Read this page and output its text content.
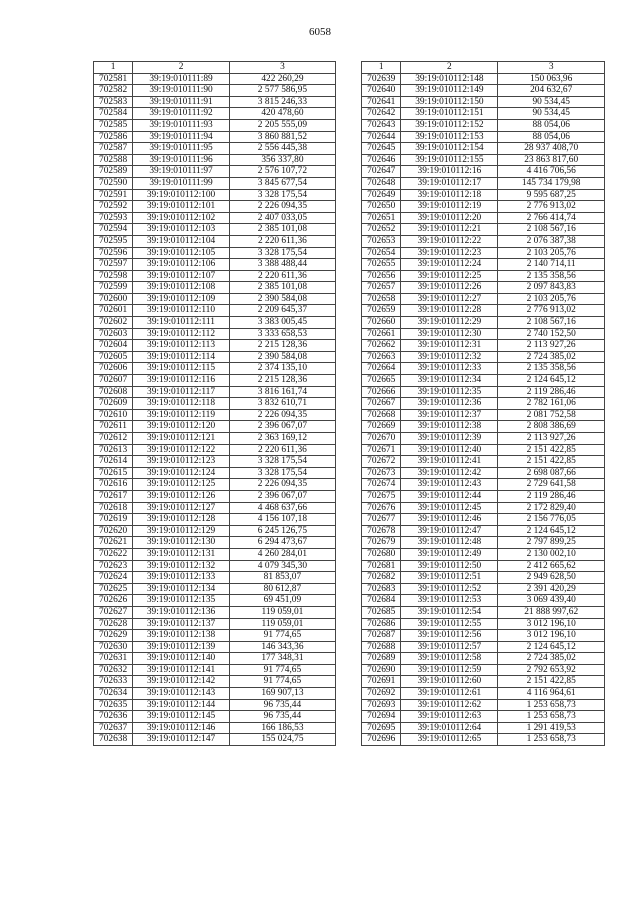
6058
1	2	3
702581	39:19:010111:89	422 260,29
702582	39:19:010111:90	2 577 586,95
702583	39:19:010111:91	3 815 246,33
702584	39:19:010111:92	420 478,60
702585	39:19:010111:93	2 205 555,09
702586	39:19:010111:94	3 860 881,52
702587	39:19:010111:95	2 556 445,38
702588	39:19:010111:96	356 337,80
702589	39:19:010111:97	2 576 107,72
702590	39:19:010111:99	3 845 677,54
702591	39:19:010112:100	3 328 175,54
702592	39:19:010112:101	2 226 094,35
702593	39:19:010112:102	2 407 033,05
702594	39:19:010112:103	2 385 101,08
702595	39:19:010112:104	2 220 611,36
702596	39:19:010112:105	3 328 175,54
702597	39:19:010112:106	3 388 488,44
702598	39:19:010112:107	2 220 611,36
702599	39:19:010112:108	2 385 101,08
702600	39:19:010112:109	2 390 584,08
702601	39:19:010112:110	2 209 645,37
702602	39:19:010112:111	3 383 005,45
702603	39:19:010112:112	3 333 658,53
702604	39:19:010112:113	2 215 128,36
702605	39:19:010112:114	2 390 584,08
702606	39:19:010112:115	2 374 135,10
702607	39:19:010112:116	2 215 128,36
702608	39:19:010112:117	3 816 161,74
702609	39:19:010112:118	3 832 610,71
702610	39:19:010112:119	2 226 094,35
702611	39:19:010112:120	2 396 067,07
702612	39:19:010112:121	2 363 169,12
702613	39:19:010112:122	2 220 611,36
702614	39:19:010112:123	3 328 175,54
702615	39:19:010112:124	3 328 175,54
702616	39:19:010112:125	2 226 094,35
702617	39:19:010112:126	2 396 067,07
702618	39:19:010112:127	4 468 637,66
702619	39:19:010112:128	4 156 107,18
702620	39:19:010112:129	6 245 126,75
702621	39:19:010112:130	6 294 473,67
702622	39:19:010112:131	4 260 284,01
702623	39:19:010112:132	4 079 345,30
702624	39:19:010112:133	81 853,07
702625	39:19:010112:134	80 612,87
702626	39:19:010112:135	69 451,09
702627	39:19:010112:136	119 059,01
702628	39:19:010112:137	119 059,01
702629	39:19:010112:138	91 774,65
702630	39:19:010112:139	146 343,36
702631	39:19:010112:140	177 348,31
702632	39:19:010112:141	91 774,65
702633	39:19:010112:142	91 774,65
702634	39:19:010112:143	169 907,13
702635	39:19:010112:144	96 735,44
702636	39:19:010112:145	96 735,44
702637	39:19:010112:146	166 186,53
702638	39:19:010112:147	155 024,75
1	2	3
702639	39:19:010112:148	150 063,96
702640	39:19:010112:149	204 632,67
702641	39:19:010112:150	90 534,45
702642	39:19:010112:151	90 534,45
702643	39:19:010112:152	88 054,06
702644	39:19:010112:153	88 054,06
702645	39:19:010112:154	28 937 408,70
702646	39:19:010112:155	23 863 817,60
702647	39:19:010112:16	4 416 706,56
702648	39:19:010112:17	145 734 179,98
702649	39:19:010112:18	9 595 687,25
702650	39:19:010112:19	2 776 913,02
702651	39:19:010112:20	2 766 414,74
702652	39:19:010112:21	2 108 567,16
702653	39:19:010112:22	2 076 387,38
702654	39:19:010112:23	2 103 205,76
702655	39:19:010112:24	2 140 714,11
702656	39:19:010112:25	2 135 358,56
702657	39:19:010112:26	2 097 843,83
702658	39:19:010112:27	2 103 205,76
702659	39:19:010112:28	2 776 913,02
702660	39:19:010112:29	2 108 567,16
702661	39:19:010112:30	2 740 152,50
702662	39:19:010112:31	2 113 927,26
702663	39:19:010112:32	2 724 385,02
702664	39:19:010112:33	2 135 358,56
702665	39:19:010112:34	2 124 645,12
702666	39:19:010112:35	2 119 286,46
702667	39:19:010112:36	2 782 161,06
702668	39:19:010112:37	2 081 752,58
702669	39:19:010112:38	2 808 386,69
702670	39:19:010112:39	2 113 927,26
702671	39:19:010112:40	2 151 422,85
702672	39:19:010112:41	2 151 422,85
702673	39:19:010112:42	2 698 087,66
702674	39:19:010112:43	2 729 641,58
702675	39:19:010112:44	2 119 286,46
702676	39:19:010112:45	2 172 829,40
702677	39:19:010112:46	2 156 776,05
702678	39:19:010112:47	2 124 645,12
702679	39:19:010112:48	2 797 899,25
702680	39:19:010112:49	2 130 002,10
702681	39:19:010112:50	2 412 665,62
702682	39:19:010112:51	2 949 628,50
702683	39:19:010112:52	2 391 420,29
702684	39:19:010112:53	3 069 439,40
702685	39:19:010112:54	21 888 997,62
702686	39:19:010112:55	3 012 196,10
702687	39:19:010112:56	3 012 196,10
702688	39:19:010112:57	2 124 645,12
702689	39:19:010112:58	2 724 385,02
702690	39:19:010112:59	2 792 653,92
702691	39:19:010112:60	2 151 422,85
702692	39:19:010112:61	4 116 964,61
702693	39:19:010112:62	1 253 658,73
702694	39:19:010112:63	1 253 658,73
702695	39:19:010112:64	1 291 419,53
702696	39:19:010112:65	1 253 658,73
